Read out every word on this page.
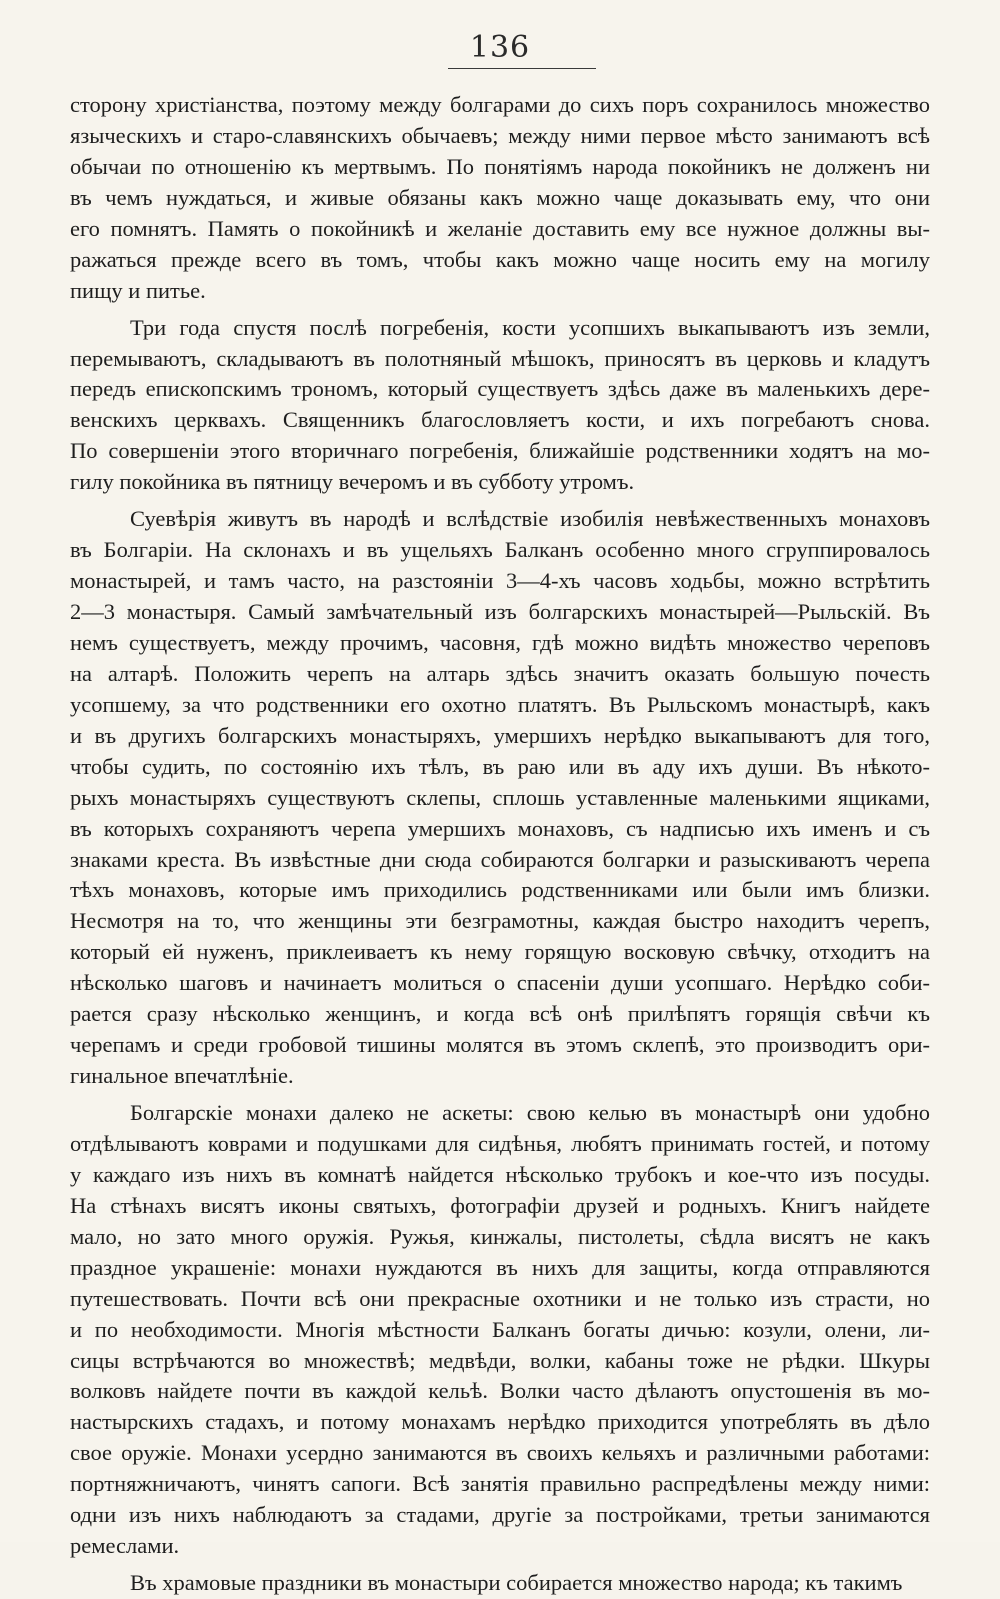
136
сторону христіанства, поэтому между болгарами до сихъ поръ сохранилось множество
языческихъ и старо-славянскихъ обычаевъ; между ними первое мѣсто занимаютъ всѣ
обычаи по отношенію къ мертвымъ. По понятіямъ народа покойникъ не долженъ ни
въ чемъ нуждаться, и живые обязаны какъ можно чаще доказывать ему, что они
его помнятъ. Память о покойникѣ и желаніе доставить ему все нужное должны вы-
ражаться прежде всего въ томъ, чтобы какъ можно чаще носить ему на могилу
пищу и питье.
Три года спустя послѣ погребенія, кости усопшихъ выкапываютъ изъ земли,
перемываютъ, складываютъ въ полотняный мѣшокъ, приносятъ въ церковь и кладутъ
передъ епископскимъ трономъ, который существуетъ здѣсь даже въ маленькихъ дере-
венскихъ церквахъ. Священникъ благословляетъ кости, и ихъ погребаютъ снова.
По совершеніи этого вторичнаго погребенія, ближайшіе родственники ходятъ на мо-
гилу покойника въ пятницу вечеромъ и въ субботу утромъ.
Суевѣрія живутъ въ народѣ и вслѣдствіе изобилія невѣжественныхъ монаховъ
въ Болгаріи. На склонахъ и въ ущельяхъ Балканъ особенно много сгруппировалось
монастырей, и тамъ часто, на разстояніи 3—4-хъ часовъ ходьбы, можно встрѣтить
2—3 монастыря. Самый замѣчательный изъ болгарскихъ монастырей—Рыльскій. Въ
немъ существуетъ, между прочимъ, часовня, гдѣ можно видѣть множество череповъ
на алтарѣ. Положить черепъ на алтарь здѣсь значитъ оказать большую почесть
усопшему, за что родственники его охотно платятъ. Въ Рыльскомъ монастырѣ, какъ
и въ другихъ болгарскихъ монастыряхъ, умершихъ нерѣдко выкапываютъ для того,
чтобы судить, по состоянію ихъ тѣлъ, въ раю или въ аду ихъ души. Въ нѣкото-
рыхъ монастыряхъ существуютъ склепы, сплошь уставленные маленькими ящиками,
въ которыхъ сохраняютъ черепа умершихъ монаховъ, съ надписью ихъ именъ и съ
знаками креста. Въ извѣстные дни сюда собираются болгарки и разыскиваютъ черепа
тѣхъ монаховъ, которые имъ приходились родственниками или были имъ близки.
Несмотря на то, что женщины эти безграмотны, каждая быстро находитъ черепъ,
который ей нуженъ, приклеиваетъ къ нему горящую восковую свѣчку, отходитъ на
нѣсколько шаговъ и начинаетъ молиться о спасеніи души усопшаго. Нерѣдко соби-
рается сразу нѣсколько женщинъ, и когда всѣ онѣ прилѣпятъ горящія свѣчи къ
черепамъ и среди гробовой тишины молятся въ этомъ склепѣ, это производитъ ори-
гинальное впечатлѣніе.
Болгарскіе монахи далеко не аскеты: свою келью въ монастырѣ они удобно
отдѣлываютъ коврами и подушками для сидѣнья, любятъ принимать гостей, и потому
у каждаго изъ нихъ въ комнатѣ найдется нѣсколько трубокъ и кое-что изъ посуды.
На стѣнахъ висятъ иконы святыхъ, фотографіи друзей и родныхъ. Книгъ найдете
мало, но зато много оружія. Ружья, кинжалы, пистолеты, сѣдла висятъ не какъ
праздное украшеніе: монахи нуждаются въ нихъ для защиты, когда отправляются
путешествовать. Почти всѣ они прекрасные охотники и не только изъ страсти, но
и по необходимости. Многія мѣстности Балканъ богаты дичью: козули, олени, ли-
сицы встрѣчаются во множествѣ; медвѣди, волки, кабаны тоже не рѣдки. Шкуры
волковъ найдете почти въ каждой кельѣ. Волки часто дѣлаютъ опустошенія въ мо-
настырскихъ стадахъ, и потому монахамъ нерѣдко приходится употреблять въ дѣло
свое оружіе. Монахи усердно занимаются въ своихъ кельяхъ и различными работами:
портняжничаютъ, чинятъ сапоги. Всѣ занятія правильно распредѣлены между ними:
одни изъ нихъ наблюдаютъ за стадами, другіе за постройками, третьи занимаются
ремеслами.
Въ храмовые праздники въ монастыри собирается множество народа; къ такимъ
